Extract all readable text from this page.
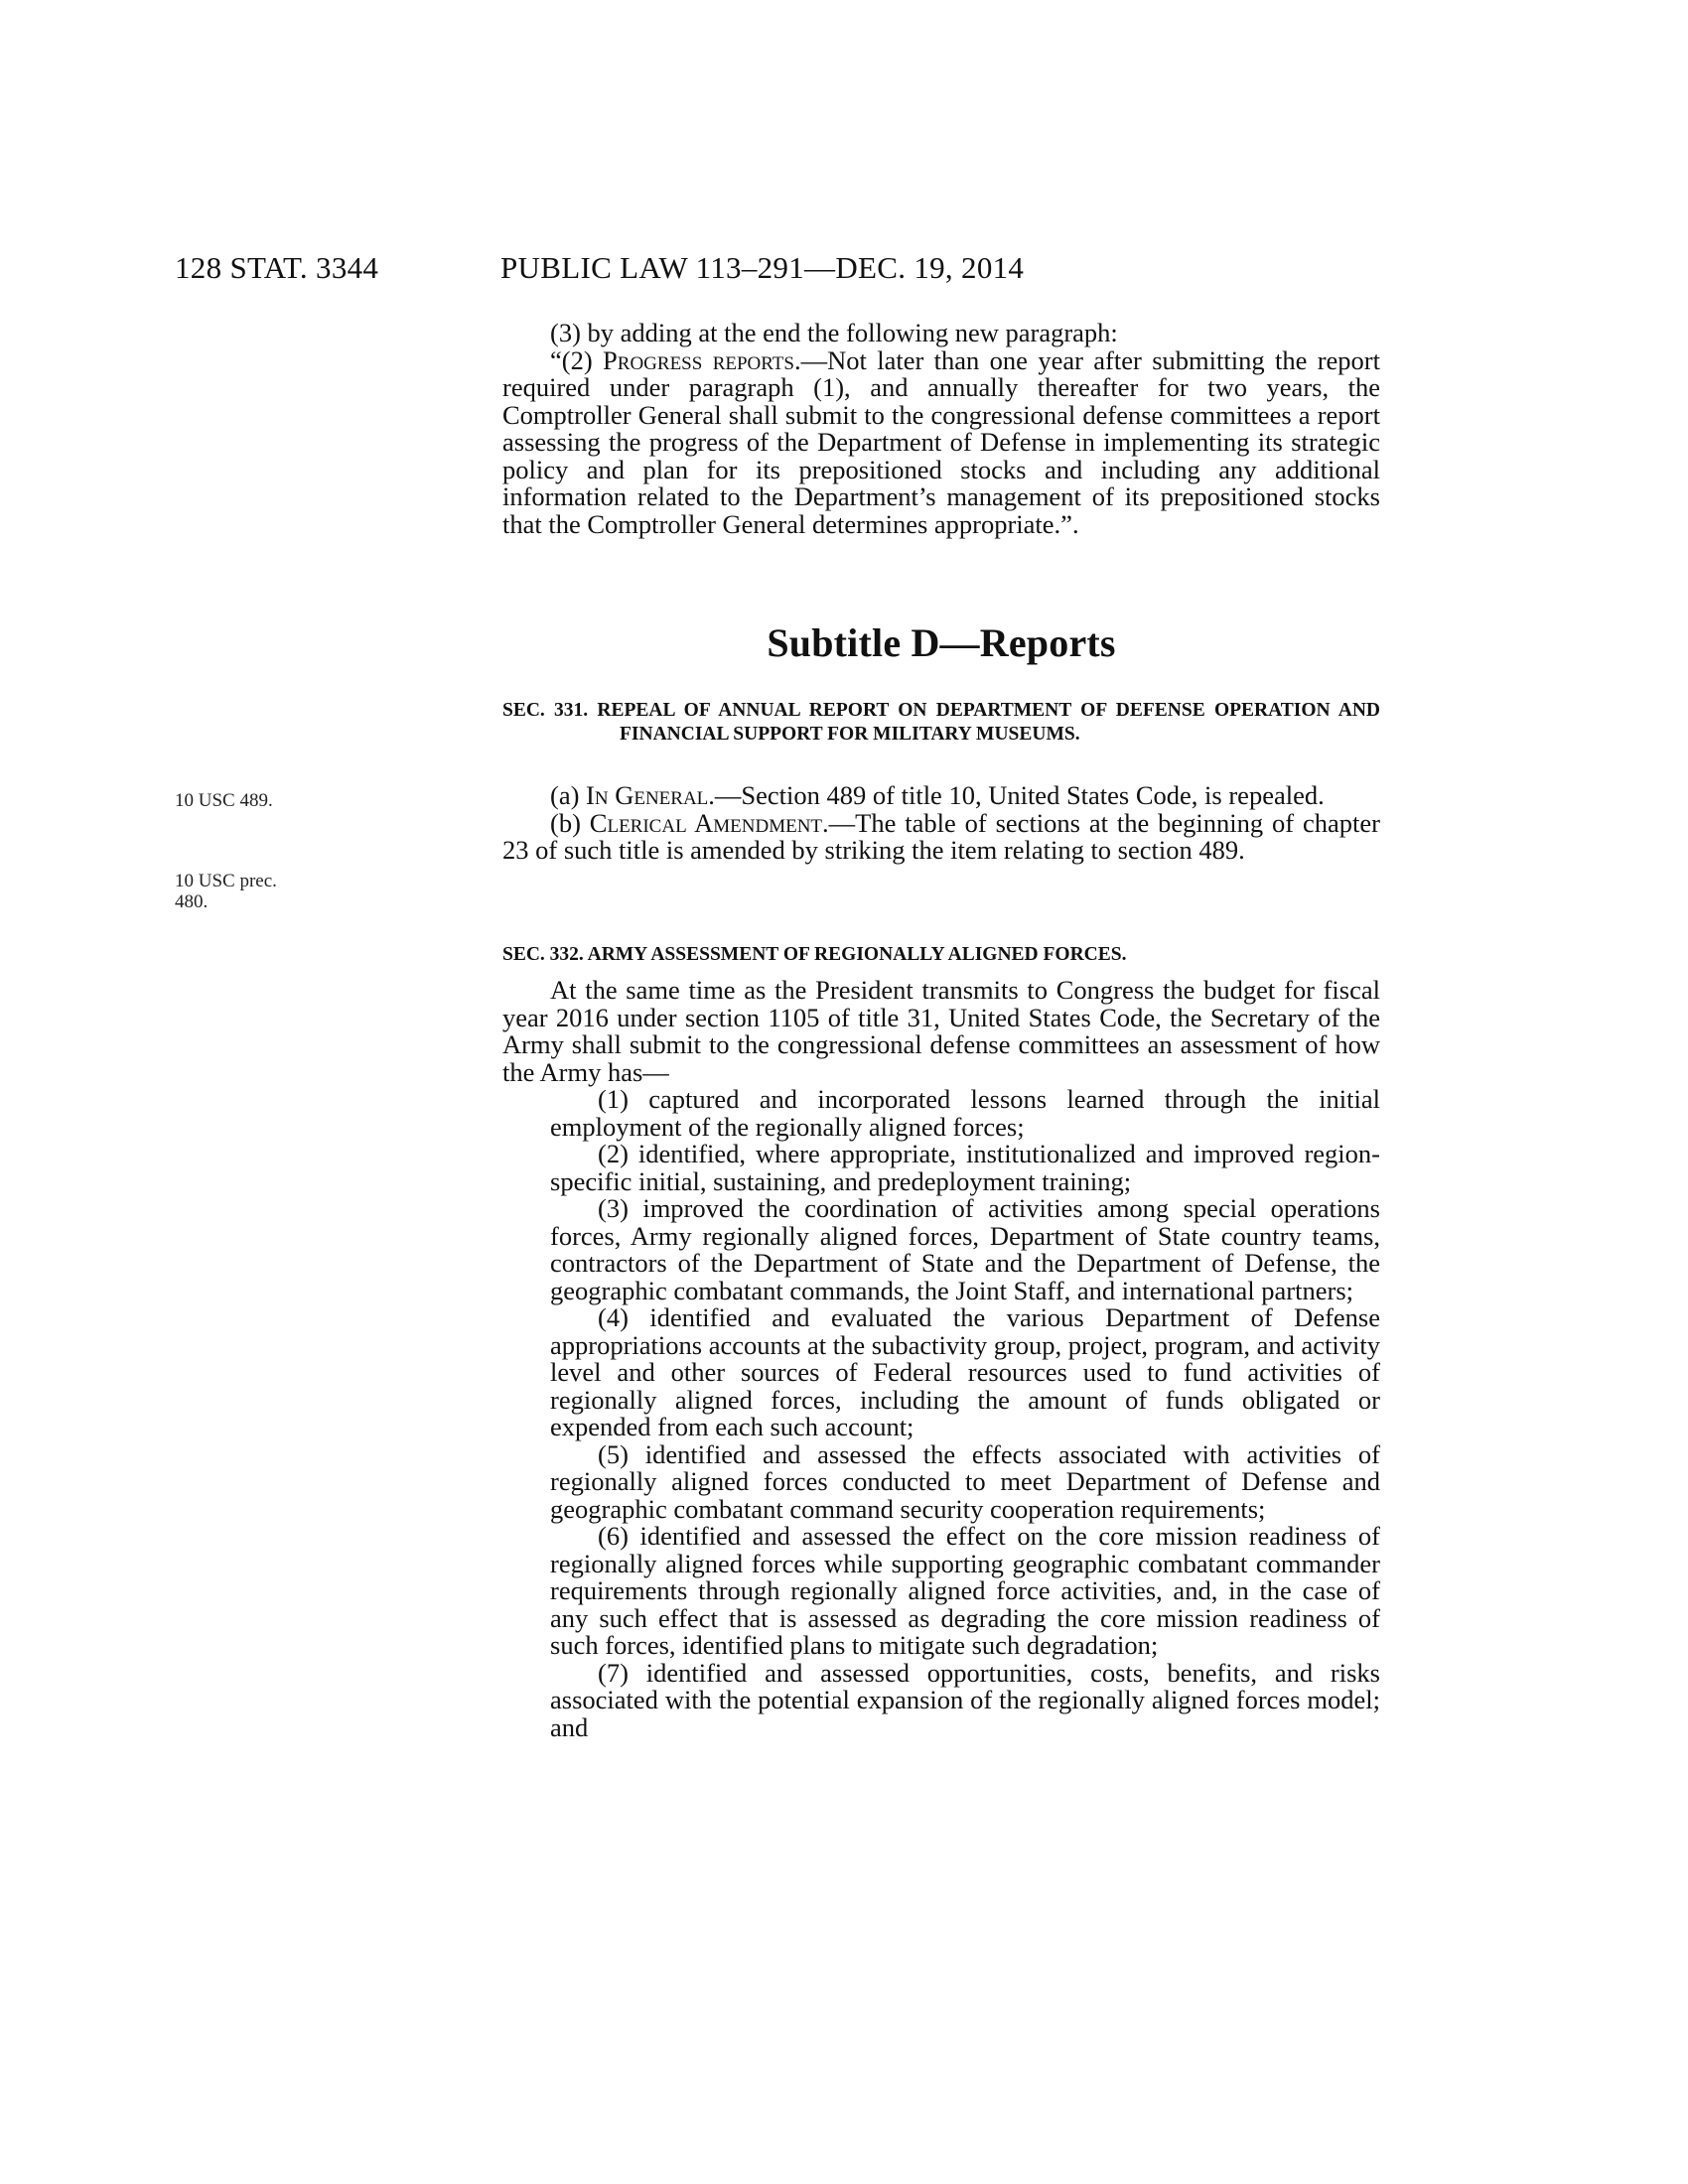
128 STAT. 3344	PUBLIC LAW 113–291—DEC. 19, 2014

(3) by adding at the end the following new paragraph:

“(2) Progress reports.—Not later than one year after submitting the report required under paragraph (1), and annually thereafter for two years, the Comptroller General shall submit to the congressional defense committees a report assessing the progress of the Department of Defense in implementing its strategic policy and plan for its prepositioned stocks and including any additional information related to the Department’s management of its prepositioned stocks that the Comptroller General determines appropriate.”.

Subtitle D—Reports

SEC. 331. REPEAL OF ANNUAL REPORT ON DEPARTMENT OF DEFENSE OPERATION AND FINANCIAL SUPPORT FOR MILITARY MUSEUMS.

10 USC 489.
10 USC prec. 480.

(a) In General.—Section 489 of title 10, United States Code, is repealed.

(b) Clerical Amendment.—The table of sections at the beginning of chapter 23 of such title is amended by striking the item relating to section 489.

SEC. 332. ARMY ASSESSMENT OF REGIONALLY ALIGNED FORCES.

At the same time as the President transmits to Congress the budget for fiscal year 2016 under section 1105 of title 31, United States Code, the Secretary of the Army shall submit to the congressional defense committees an assessment of how the Army has—

(1) captured and incorporated lessons learned through the initial employment of the regionally aligned forces;

(2) identified, where appropriate, institutionalized and improved region-specific initial, sustaining, and predeployment training;

(3) improved the coordination of activities among special operations forces, Army regionally aligned forces, Department of State country teams, contractors of the Department of State and the Department of Defense, the geographic combatant commands, the Joint Staff, and international partners;

(4) identified and evaluated the various Department of Defense appropriations accounts at the subactivity group, project, program, and activity level and other sources of Federal resources used to fund activities of regionally aligned forces, including the amount of funds obligated or expended from each such account;

(5) identified and assessed the effects associated with activities of regionally aligned forces conducted to meet Department of Defense and geographic combatant command security cooperation requirements;

(6) identified and assessed the effect on the core mission readiness of regionally aligned forces while supporting geographic combatant commander requirements through regionally aligned force activities, and, in the case of any such effect that is assessed as degrading the core mission readiness of such forces, identified plans to mitigate such degradation;

(7) identified and assessed opportunities, costs, benefits, and risks associated with the potential expansion of the regionally aligned forces model; and
